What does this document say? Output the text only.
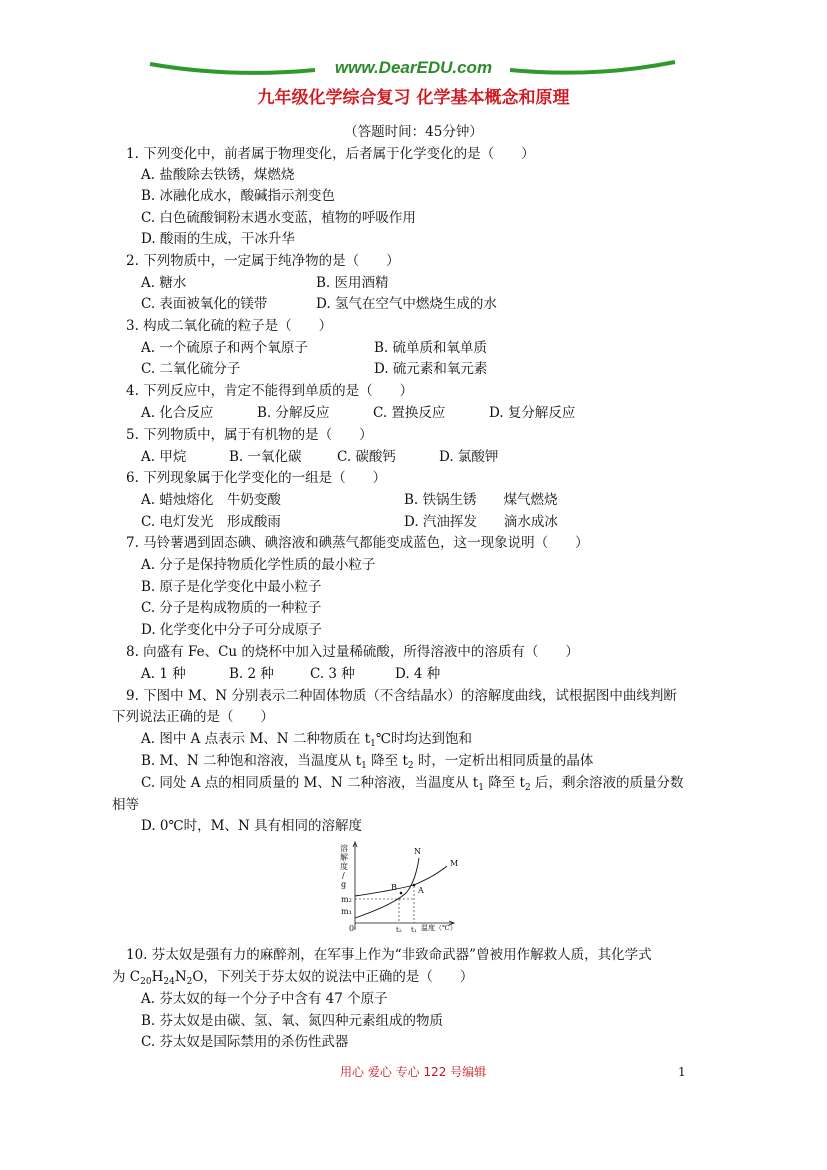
www.DearEDU.com
九年级化学综合复习 化学基本概念和原理
（答题时间：45分钟）
1. 下列变化中，前者属于物理变化，后者属于化学变化的是（　　）
A. 盐酸除去铁锈，煤燃烧
B. 冰融化成水，酸碱指示剂变色
C. 白色硫酸铜粉末遇水变蓝，植物的呼吸作用
D. 酸雨的生成，干冰升华
2. 下列物质中，一定属于纯净物的是（　　）
A. 糖水	B. 医用酒精
C. 表面被氧化的镁带	D. 氢气在空气中燃烧生成的水
3. 构成二氧化硫的粒子是（　　）
A. 一个硫原子和两个氧原子	B. 硫单质和氧单质
C. 二氧化硫分子	D. 硫元素和氧元素
4. 下列反应中，肯定不能得到单质的是（　　）
A. 化合反应	B. 分解反应	C. 置换反应	D. 复分解反应
5. 下列物质中，属于有机物的是（　　）
A. 甲烷	B. 一氧化碳	C. 碳酸钙	D. 氯酸钾
6. 下列现象属于化学变化的一组是（　　）
A. 蜡烛熔化　牛奶变酸	B. 铁锅生锈　　煤气燃烧
C. 电灯发光　形成酸雨	D. 汽油挥发　　滴水成冰
7. 马铃薯遇到固态碘、碘溶液和碘蒸气都能变成蓝色，这一现象说明（　　）
A. 分子是保持物质化学性质的最小粒子
B. 原子是化学变化中最小粒子
C. 分子是构成物质的一种粒子
D. 化学变化中分子可分成原子
8. 向盛有 Fe、Cu 的烧杯中加入过量稀硫酸，所得溶液中的溶质有（　　）
A. 1 种	B. 2 种	C. 3 种	D. 4 种
9. 下图中 M、N 分别表示二种固体物质（不含结晶水）的溶解度曲线，试根据图中曲线判断
下列说法正确的是（　　）
A. 图中 A 点表示 M、N 二种物质在 $t_1℃$时均达到饱和
B. M、N 二种饱和溶液，当温度从 $t_1$ 降至 $t_2$ 时，一定析出相同质量的晶体
C. 同处 A 点的相同质量的 M、N 二种溶液，当温度从 $t_1$ 降至 $t_2$ 后，剩余溶液的质量分数
相等
D. 0℃时，M、N 具有相同的溶解度
溶
解
度
/
g
m₂
m₁
0
N
M
B	A
t₂ t₁ 温度（℃）
10. 芬太奴是强有力的麻醉剂，在军事上作为“非致命武器”曾被用作解救人质，其化学式
为 $C_{20}H_{24}N_2O$，下列关于芬太奴的说法中正确的是（　　）
A. 芬太奴的每一个分子中含有 47 个原子
B. 芬太奴是由碳、氢、氧、氮四种元素组成的物质
C. 芬太奴是国际禁用的杀伤性武器
用心 爱心 专心 122 号编辑	1
